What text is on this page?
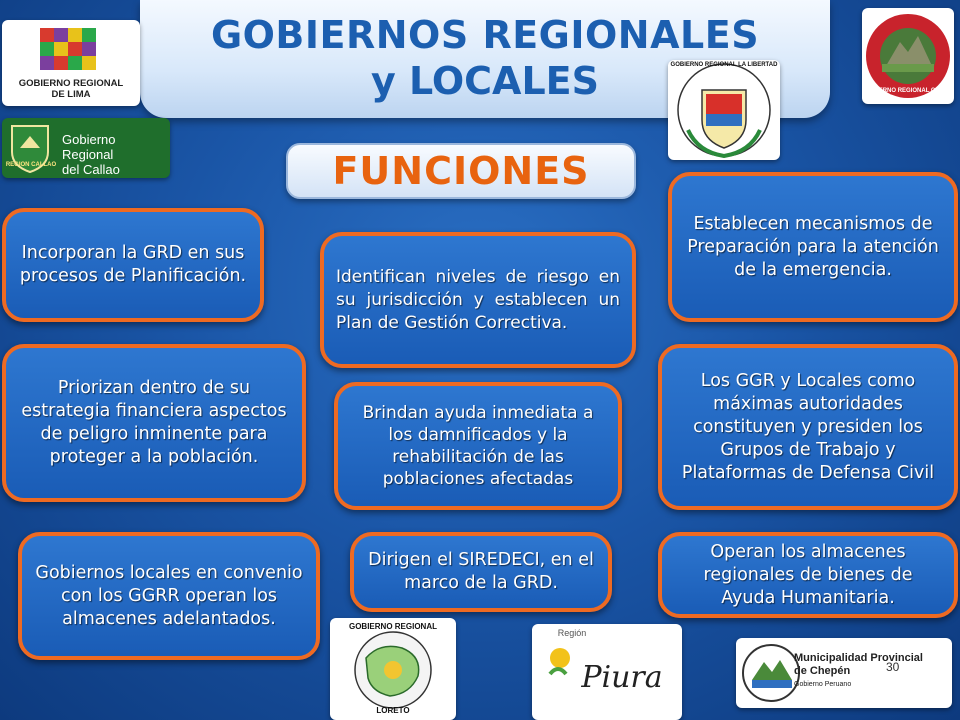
GOBIERNOS REGIONALES
y LOCALES
GOBIERNO REGIONAL
DE LIMA
REGION CALLAO
Gobierno Regional
del Callao
GOBIERNO REGIONAL CUSCO
GOBIERNO REGIONAL LA LIBERTAD
FUNCIONES
Incorporan la GRD en sus procesos de Planificación.	Identifican niveles de riesgo en su jurisdicción y establecen un Plan de Gestión Correctiva.
Establecen mecanismos de Preparación para la atención de la emergencia.
Priorizan dentro de su estrategia financiera aspectos de peligro inminente para proteger a la población.
Brindan ayuda inmediata a los damnificados y la rehabilitación de las poblaciones afectadas
Los GGR y Locales como máximas autoridades constituyen y presiden los Grupos de Trabajo y Plataformas de Defensa Civil
Gobiernos locales en convenio con los GGRR operan los almacenes adelantados.
Dirigen el SIREDECI, en el marco de la GRD.
Operan los almacenes regionales de bienes de Ayuda Humanitaria.
GOBIERNO REGIONAL
LORETO
Región
Piura
Municipalidad Provincial
de Chepén
Gobierno Peruano
30
